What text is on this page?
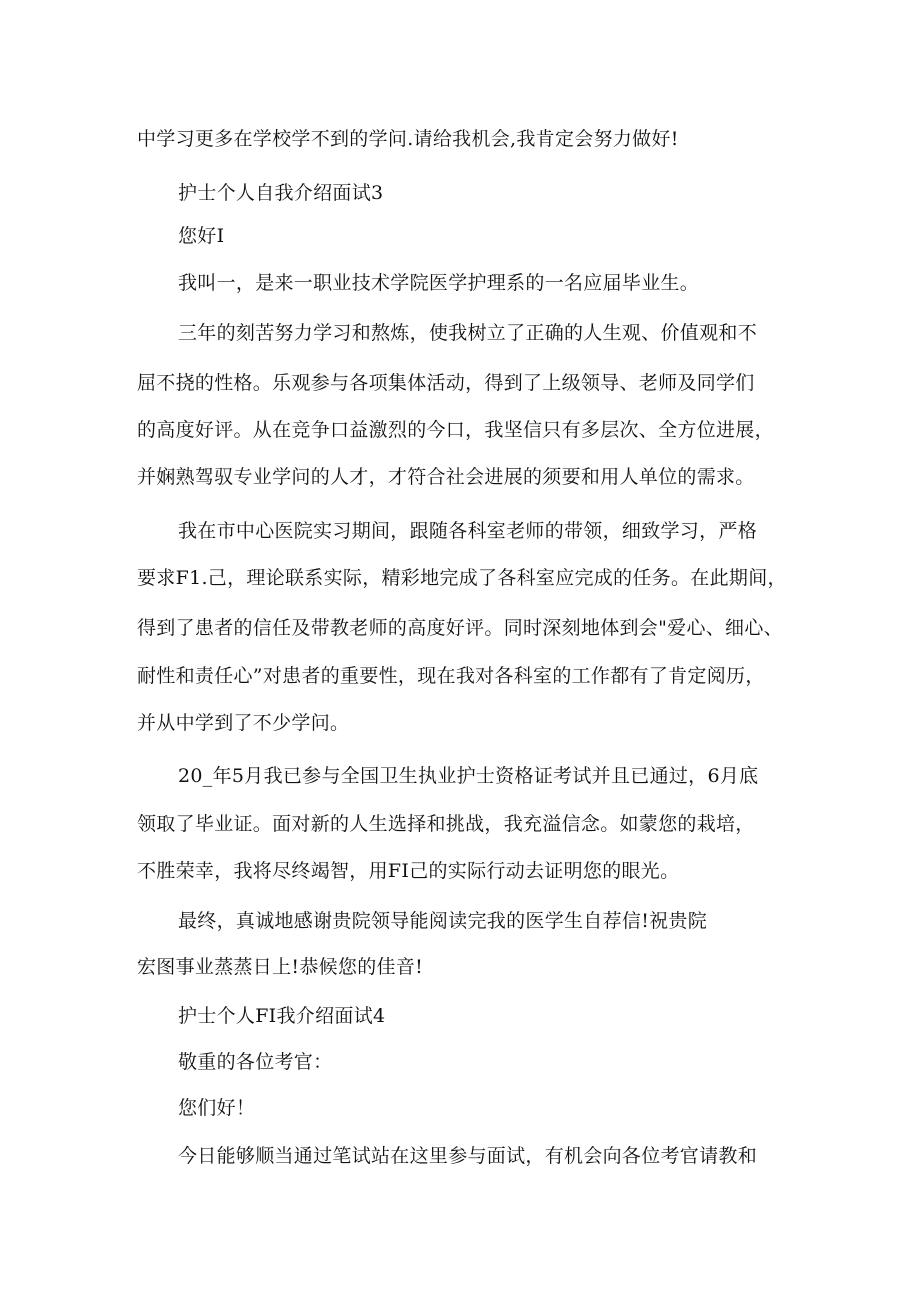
中学习更多在学校学不到的学问.请给我机会,我肯定会努力做好!
护士个人自我介绍面试3
您好I
我叫一，是来一职业技术学院医学护理系的一名应届毕业生。
三年的刻苦努力学习和熬炼，使我树立了正确的人生观、价值观和不
屈不挠的性格。乐观参与各项集体活动，得到了上级领导、老师及同学们
的高度好评。从在竞争口益激烈的今口，我坚信只有多层次、全方位进展，
并娴熟驾驭专业学问的人才，才符合社会进展的须要和用人单位的需求。
我在市中心医院实习期间，跟随各科室老师的带领，细致学习，严格
要求F1.己，理论联系实际，精彩地完成了各科室应完成的任务。在此期间，
得到了患者的信任及带教老师的高度好评。同时深刻地体到会"爱心、细心、
耐性和责任心”对患者的重要性，现在我对各科室的工作都有了肯定阅历，
并从中学到了不少学问。
20_年5月我已参与全国卫生执业护士资格证考试并且已通过，6月底
领取了毕业证。面对新的人生选择和挑战，我充溢信念。如蒙您的栽培，
不胜荣幸，我将尽终竭智，用FI己的实际行动去证明您的眼光。
最终，真诚地感谢贵院领导能阅读完我的医学生自荐信!祝贵院
宏图事业蒸蒸日上!恭候您的佳音!
护士个人FI我介绍面试4
敬重的各位考官：
您们好！
今日能够顺当通过笔试站在这里参与面试，有机会向各位考官请教和
